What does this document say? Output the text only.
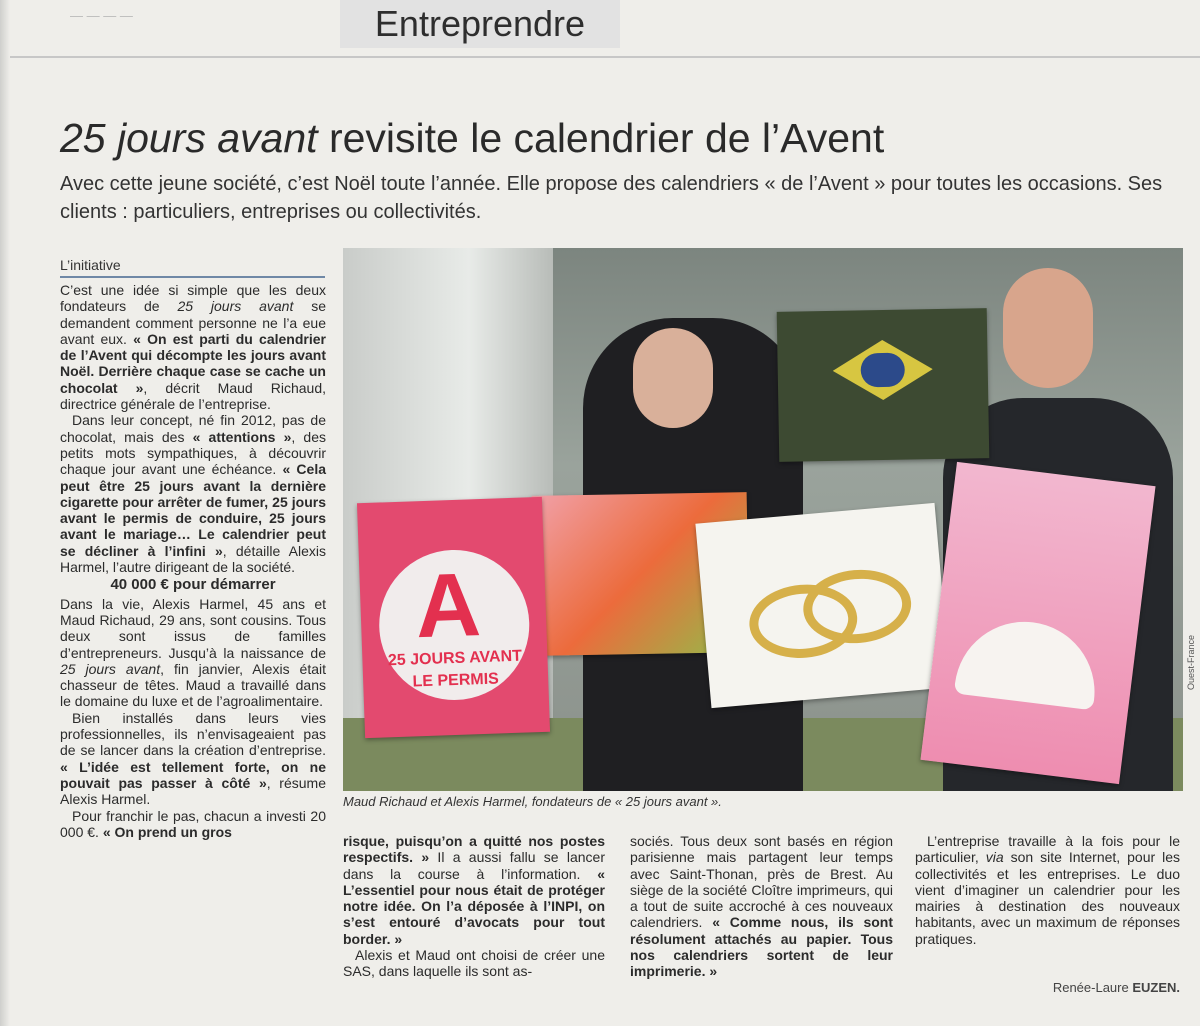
― ― ― ―	Entreprendre
25 jours avant revisite le calendrier de l’Avent
Avec cette jeune société, c’est Noël toute l’année. Elle propose des calendriers « de l’Avent » pour toutes les occasions. Ses clients : particuliers, entreprises ou collectivités.
L’initiative

C’est une idée si simple que les deux fondateurs de 25 jours avant se demandent comment personne ne l’a eue avant eux. « On est parti du calendrier de l’Avent qui décompte les jours avant Noël. Derrière chaque case se cache un chocolat », décrit Maud Richaud, directrice générale de l’entreprise.

Dans leur concept, né fin 2012, pas de chocolat, mais des « attentions », des petits mots sympathiques, à découvrir chaque jour avant une échéance. « Cela peut être 25 jours avant la dernière cigarette pour arrêter de fumer, 25 jours avant le permis de conduire, 25 jours avant le mariage… Le calendrier peut se décliner à l’infini », détaille Alexis Harmel, l’autre dirigeant de la société.

40 000 € pour démarrer

Dans la vie, Alexis Harmel, 45 ans et Maud Richaud, 29 ans, sont cousins. Tous deux sont issus de familles d’entrepreneurs. Jusqu’à la naissance de 25 jours avant, fin janvier, Alexis était chasseur de têtes. Maud a travaillé dans le domaine du luxe et de l’agroalimentaire.

Bien installés dans leurs vies professionnelles, ils n’envisageaient pas de se lancer dans la création d’entreprise. « L’idée est tellement forte, on ne pouvait pas passer à côté », résume Alexis Harmel.

Pour franchir le pas, chacun a investi 20 000 €. « On prend un gros

A
25 JOURS AVANT
LE PERMIS	Ouest-France
Maud Richaud et Alexis Harmel, fondateurs de « 25 jours avant ».

risque, puisqu’on a quitté nos postes respectifs. » Il a aussi fallu se lancer dans la course à l’information. « L’essentiel pour nous était de protéger notre idée. On l’a déposée à l’INPI, on s’est entouré d’avocats pour tout border. »

Alexis et Maud ont choisi de créer une SAS, dans laquelle ils sont as-

sociés. Tous deux sont basés en région parisienne mais partagent leur temps avec Saint-Thonan, près de Brest. Au siège de la société Cloître imprimeurs, qui a tout de suite accroché à ces nouveaux calendriers. « Comme nous, ils sont résolument attachés au papier. Tous nos calendriers sortent de leur imprimerie. »

L’entreprise travaille à la fois pour le particulier, via son site Internet, pour les collectivités et les entreprises. Le duo vient d’imaginer un calendrier pour les mairies à destination des nouveaux habitants, avec un maximum de réponses pratiques.

Renée-Laure EUZEN.
